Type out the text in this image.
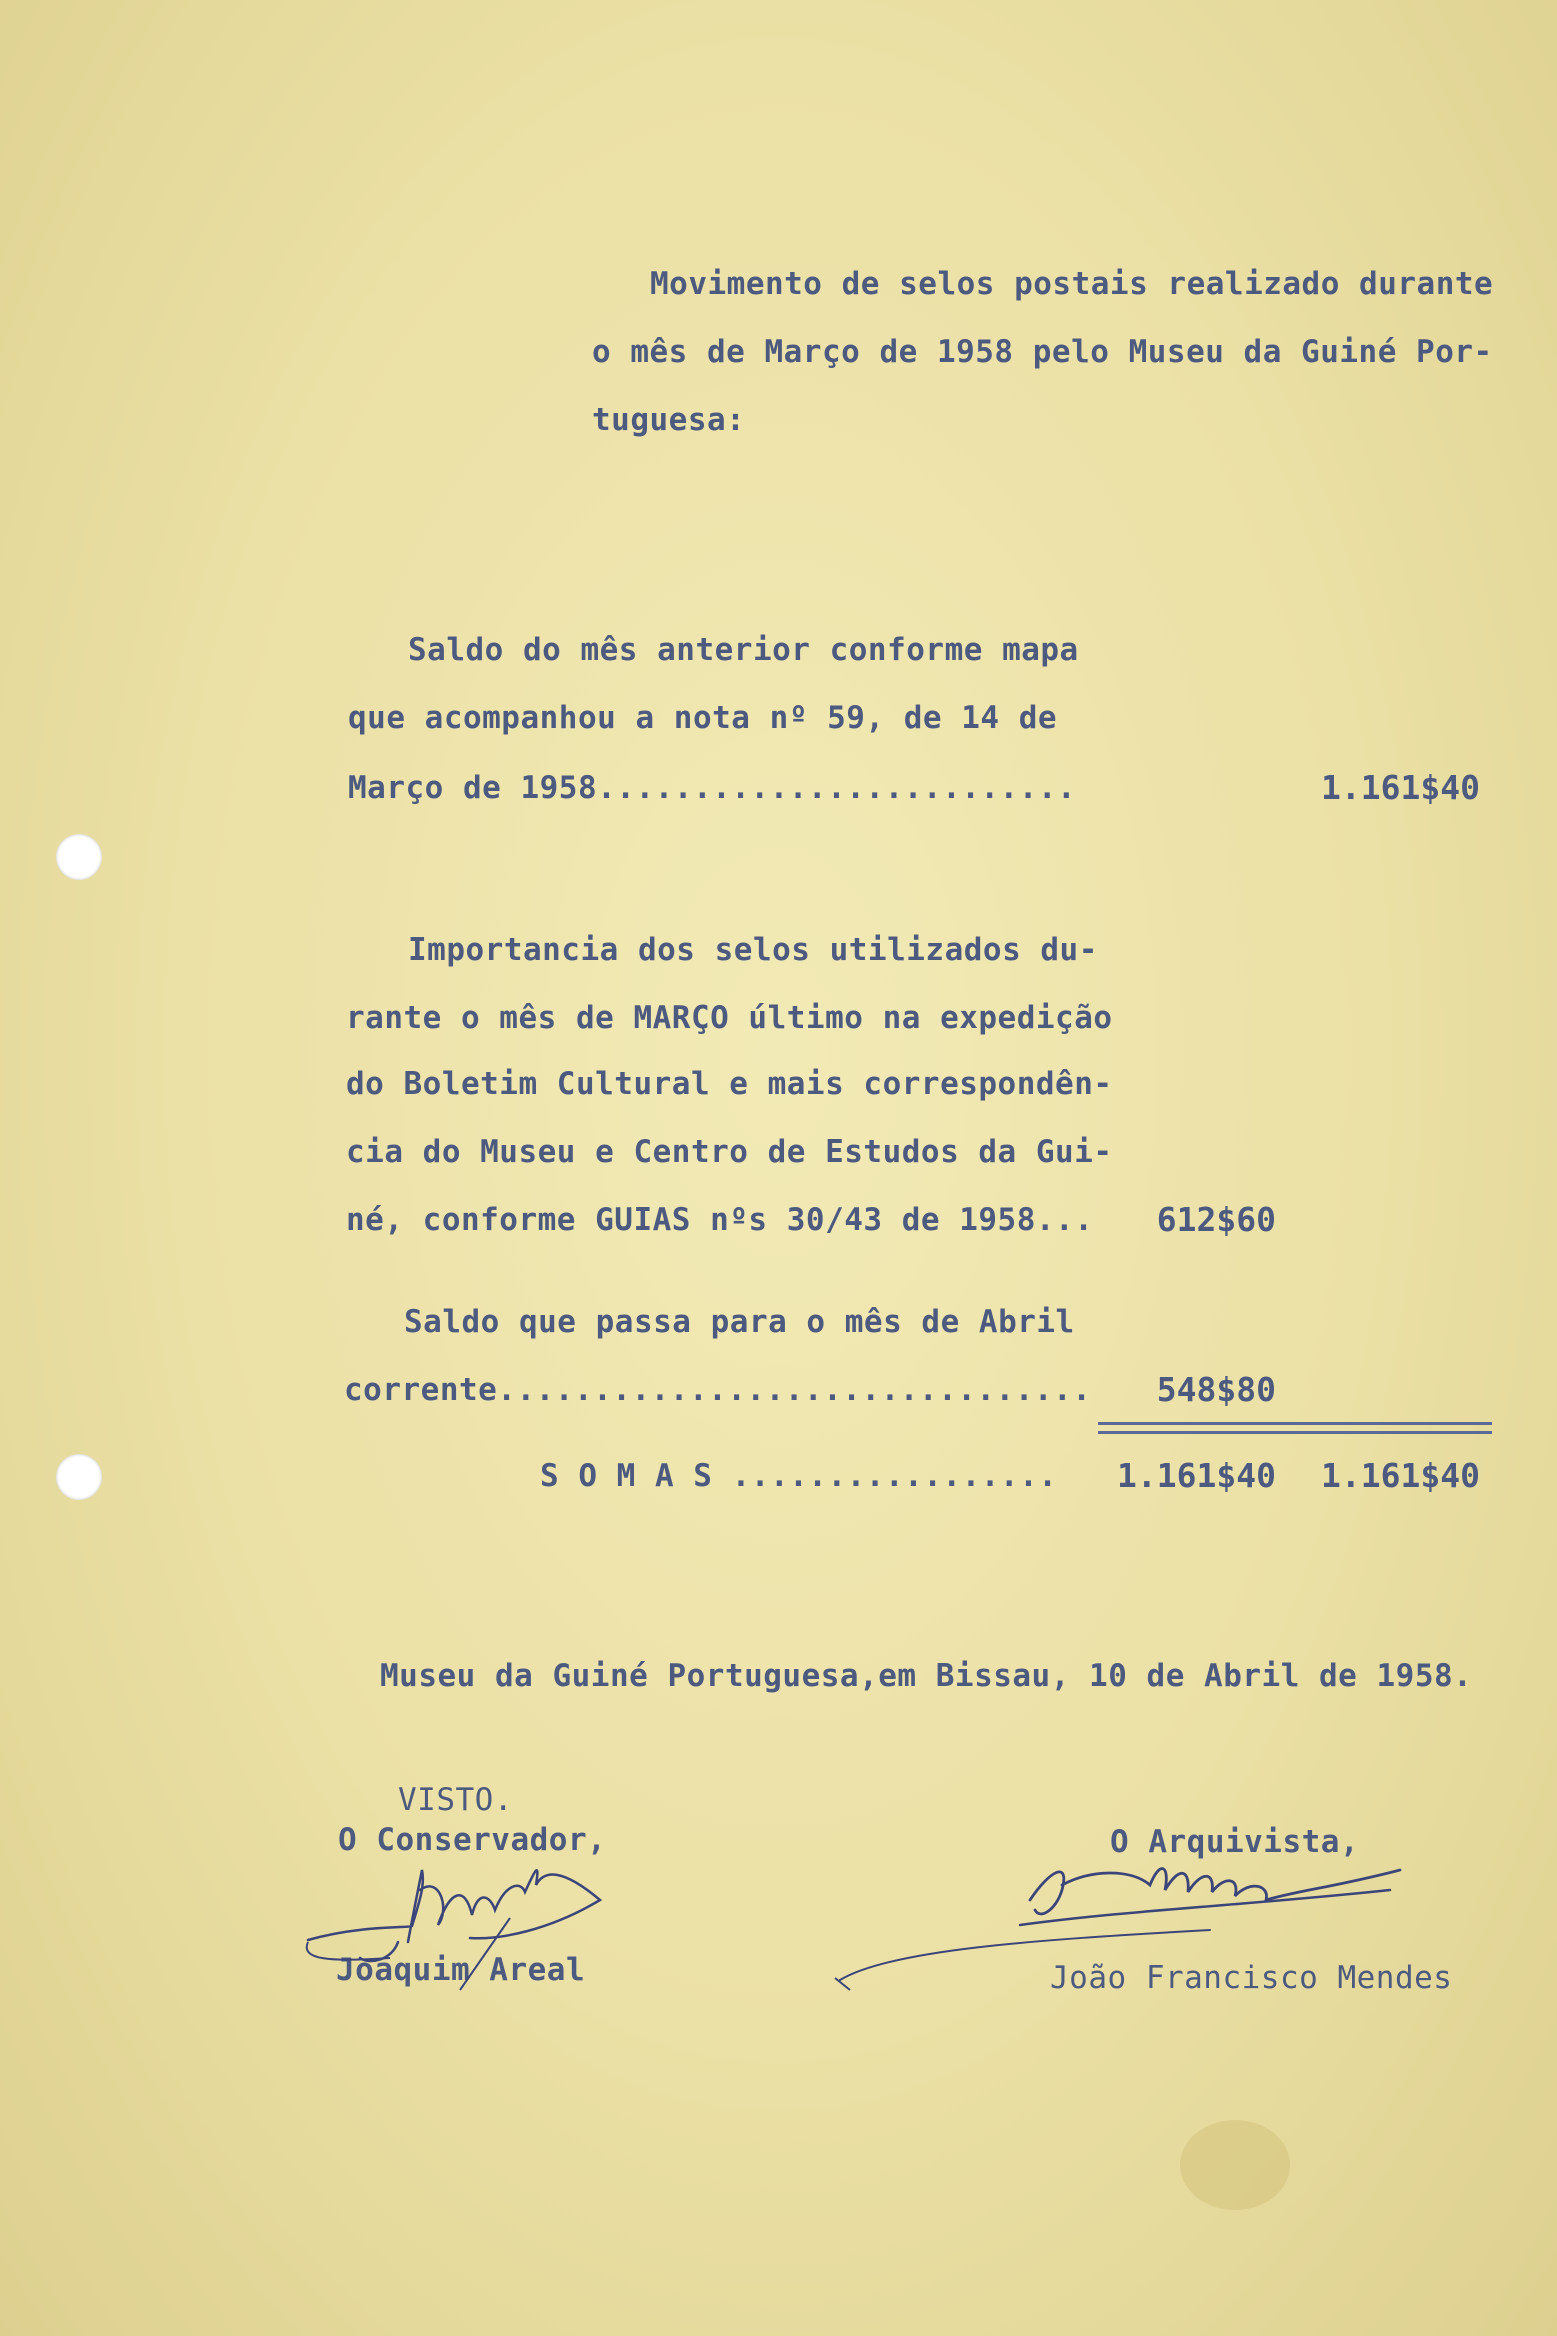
Movimento de selos postais realizado durante
o mês de Março de 1958 pelo Museu da Guiné Por-
tuguesa:
Saldo do mês anterior conforme mapa
que acompanhou a nota nº 59, de 14 de
Março de 1958.........................	1.161$40
Importancia dos selos utilizados du-
rante o mês de MARÇO último na expedição
do Boletim Cultural e mais correspondên-
cia do Museu e Centro de Estudos da Gui-
né, conforme GUIAS nºs 30/43 de 1958...	612$60
Saldo que passa para o mês de Abril
corrente...............................	548$80
S O M A S .................	1.161$40	1.161$40
Museu da Guiné Portuguesa,em Bissau, 10 de Abril de 1958.
VISTO.
O Conservador,
Joaquim Areal
O Arquivista,
João Francisco Mendes
